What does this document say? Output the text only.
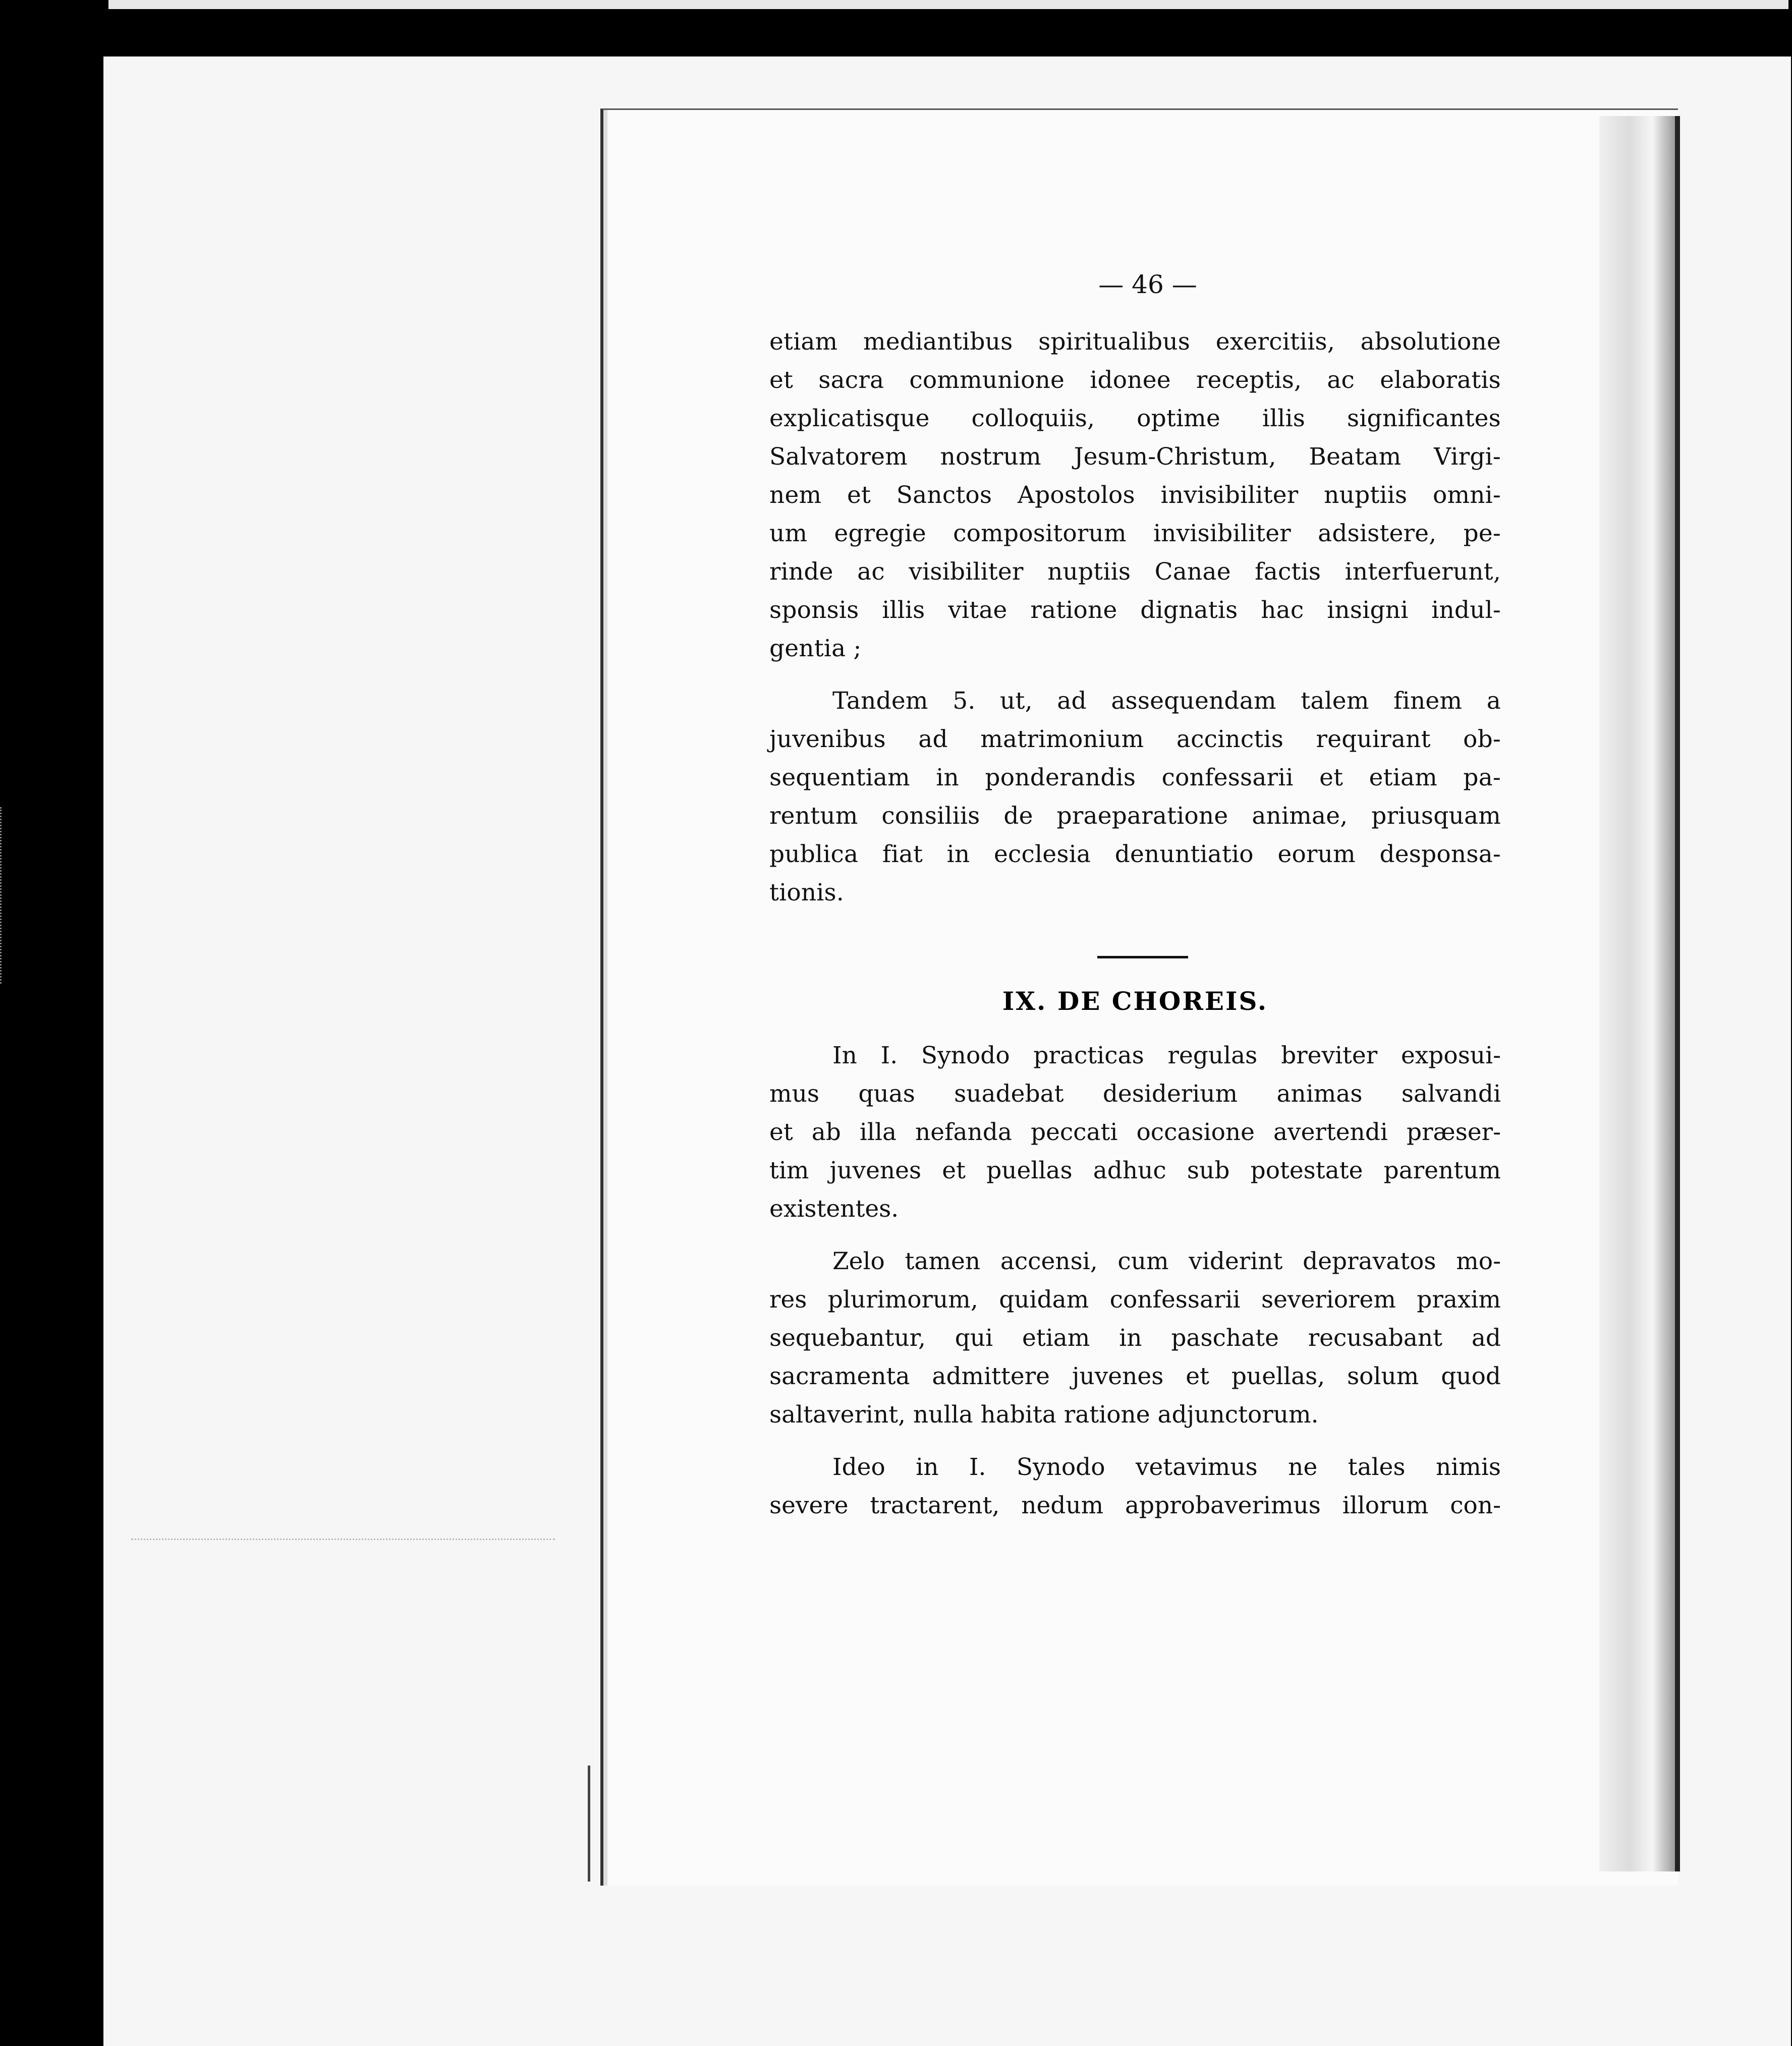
— 46 —
etiam mediantibus spiritualibus exercitiis, absolutione
et sacra communione idonee receptis, ac elaboratis
explicatisque colloquiis, optime illis significantes
Salvatorem nostrum Jesum-Christum, Beatam Virgi-
nem et Sanctos Apostolos invisibiliter nuptiis omni-
um egregie compositorum invisibiliter adsistere, pe-
rinde ac visibiliter nuptiis Canae factis interfuerunt,
sponsis illis vitae ratione dignatis hac insigni indul-
gentia ;
Tandem 5. ut, ad assequendam talem finem a
juvenibus ad matrimonium accinctis requirant ob-
sequentiam in ponderandis confessarii et etiam pa-
rentum consiliis de praeparatione animae, priusquam
publica fiat in ecclesia denuntiatio eorum desponsa-
tionis.
IX. DE CHOREIS.
In I. Synodo practicas regulas breviter exposui-
mus quas suadebat desiderium animas salvandi
et ab illa nefanda peccati occasione avertendi præser-
tim juvenes et puellas adhuc sub potestate parentum
existentes.
Zelo tamen accensi, cum viderint depravatos mo-
res plurimorum, quidam confessarii severiorem praxim
sequebantur, qui etiam in paschate recusabant ad
sacramenta admittere juvenes et puellas, solum quod
saltaverint, nulla habita ratione adjunctorum.
Ideo in I. Synodo vetavimus ne tales nimis
severe tractarent, nedum approbaverimus illorum con-
